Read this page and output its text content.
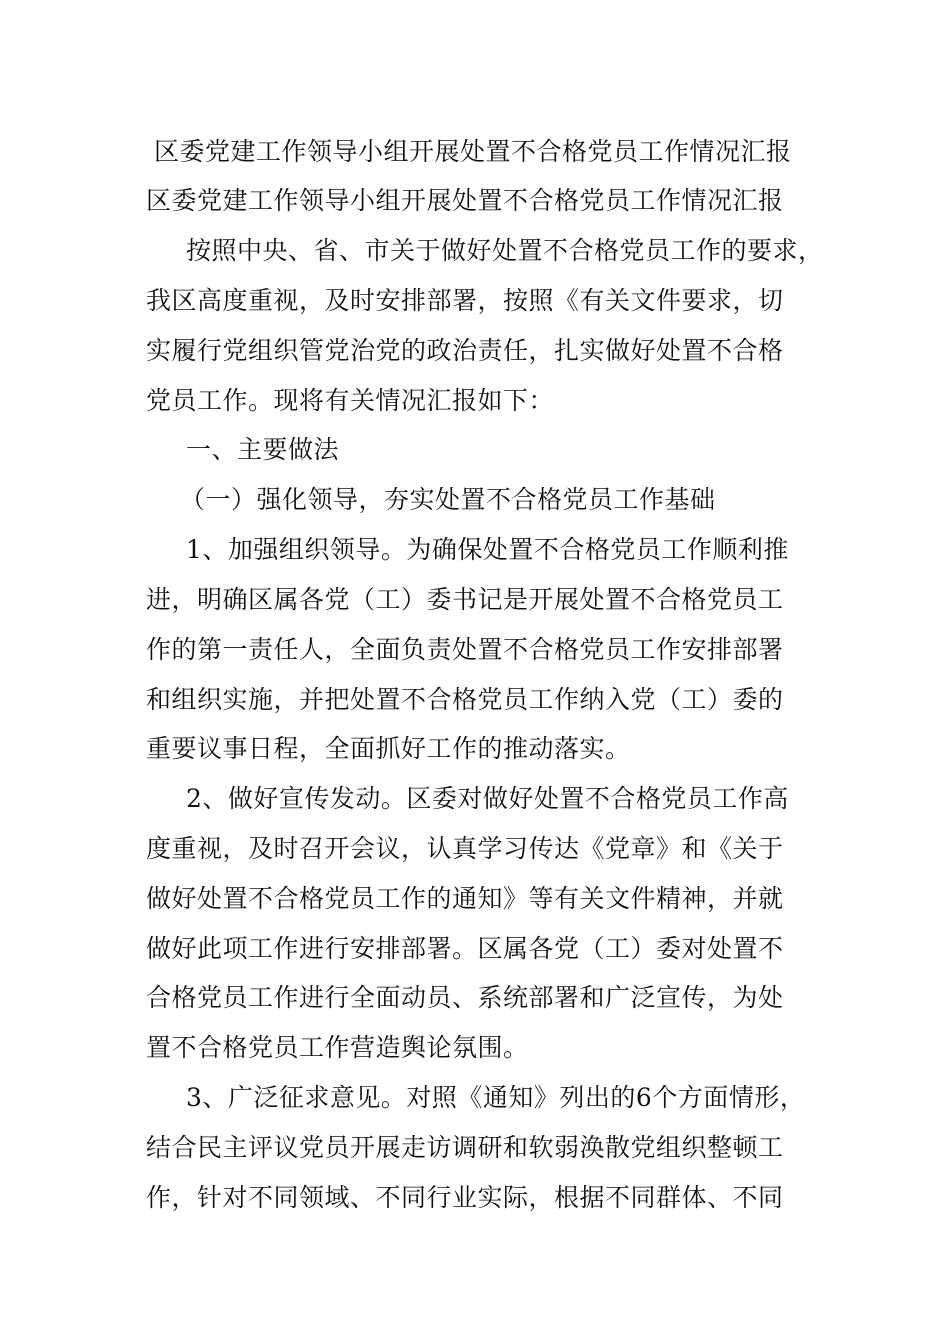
区委党建工作领导小组开展处置不合格党员工作情况汇报
区委党建工作领导小组开展处置不合格党员工作情况汇报
按照中央、省、市关于做好处置不合格党员工作的要求，
我区高度重视，及时安排部署，按照《有关文件要求，切
实履行党组织管党治党的政治责任，扎实做好处置不合格
党员工作。现将有关情况汇报如下：
一、主要做法
（一）强化领导，夯实处置不合格党员工作基础
1、加强组织领导。为确保处置不合格党员工作顺利推
进，明确区属各党（工）委书记是开展处置不合格党员工
作的第一责任人，全面负责处置不合格党员工作安排部署
和组织实施，并把处置不合格党员工作纳入党（工）委的
重要议事日程，全面抓好工作的推动落实。
2、做好宣传发动。区委对做好处置不合格党员工作高
度重视，及时召开会议，认真学习传达《党章》和《关于
做好处置不合格党员工作的通知》等有关文件精神，并就
做好此项工作进行安排部署。区属各党（工）委对处置不
合格党员工作进行全面动员、系统部署和广泛宣传，为处
置不合格党员工作营造舆论氛围。
3、广泛征求意见。对照《通知》列出的6个方面情形，
结合民主评议党员开展走访调研和软弱涣散党组织整顿工
作，针对不同领域、不同行业实际，根据不同群体、不同
